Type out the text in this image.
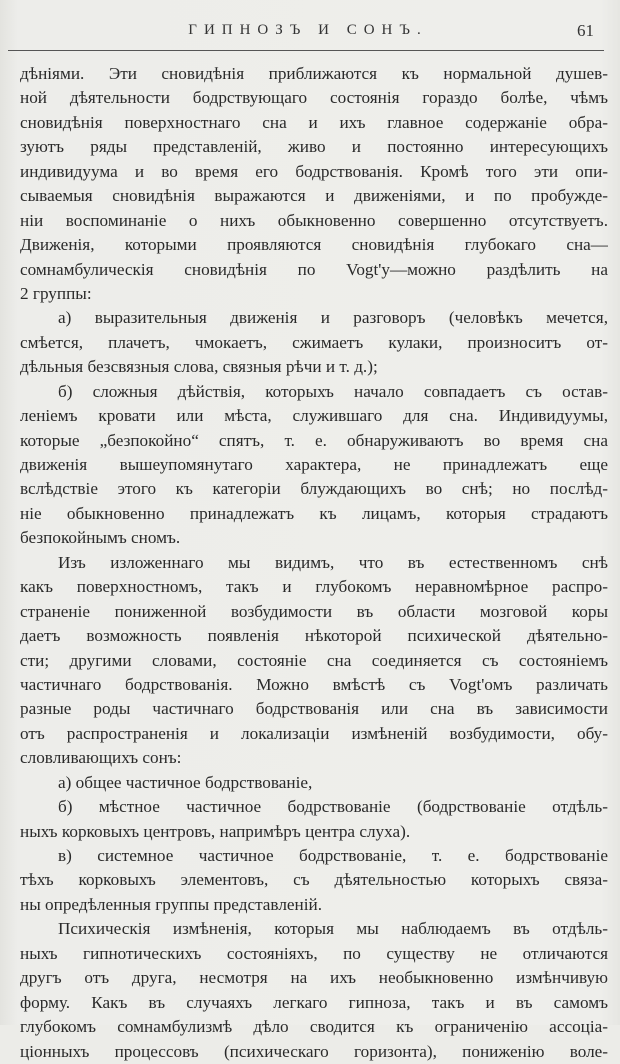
ГИПНОЗЪ И СОНЪ.	61
дѣніями. Эти сновидѣнія приближаются къ нормальной душев-
ной дѣятельности бодрствующаго состоянія гораздо болѣе, чѣмъ
сновидѣнія поверхностнаго сна и ихъ главное содержаніе обра-
зуютъ ряды представленій, живо и постоянно интересующихъ
индивидуума и во время его бодрствованія. Кромѣ того эти опи-
сываемыя сновидѣнія выражаются и движеніями, и по пробужде-
ніи воспоминаніе о нихъ обыкновенно совершенно отсутствуетъ.
Движенія, которыми проявляются сновидѣнія глубокаго сна—
сомнамбулическія сновидѣнія по Vogt'у—можно раздѣлить на
2 группы:
а) выразительныя движенія и разговоръ (человѣкъ мечется,
смѣется, плачетъ, чмокаетъ, сжимаетъ кулаки, произноситъ от-
дѣльныя безсвязныя слова, связныя рѣчи и т. д.);
б) сложныя дѣйствія, которыхъ начало совпадаетъ съ остав-
леніемъ кровати или мѣста, служившаго для сна. Индивидуумы,
которые „безпокойно“ спятъ, т. е. обнаруживаютъ во время сна
движенія вышеупомянутаго характера, не принадлежатъ еще
вслѣдствіе этого къ категоріи блуждающихъ во снѣ; но послѣд-
ніе обыкновенно принадлежатъ къ лицамъ, которыя страдаютъ
безпокойнымъ сномъ.
Изъ изложеннаго мы видимъ, что въ естественномъ снѣ
какъ поверхностномъ, такъ и глубокомъ неравномѣрное распро-
страненіе пониженной возбудимости въ области мозговой коры
даетъ возможность появленія нѣкоторой психической дѣятельно-
сти; другими словами, состояніе сна соединяется съ состояніемъ
частичнаго бодрствованія. Можно вмѣстѣ съ Vogt'омъ различать
разные роды частичнаго бодрствованія или сна въ зависимости
отъ распространенія и локализаціи измѣненій возбудимости, обу-
словливающихъ сонъ:
а) общее частичное бодрствованіе,
б) мѣстное частичное бодрствованіе (бодрствованіе отдѣль-
ныхъ корковыхъ центровъ, напримѣръ центра слуха).
в) системное частичное бодрствованіе, т. е. бодрствованіе
тѣхъ корковыхъ элементовъ, съ дѣятельностью которыхъ связа-
ны опредѣленныя группы представленій.
Психическія измѣненія, которыя мы наблюдаемъ въ отдѣль-
ныхъ гипнотическихъ состояніяхъ, по существу не отличаются
другъ отъ друга, несмотря на ихъ необыкновенно измѣнчивую
форму. Какъ въ случаяхъ легкаго гипноза, такъ и въ самомъ
глубокомъ сомнамбулизмѣ дѣло сводится къ ограниченію ассоціа-
ціонныхъ процессовъ (психическаго горизонта), пониженію воле-
